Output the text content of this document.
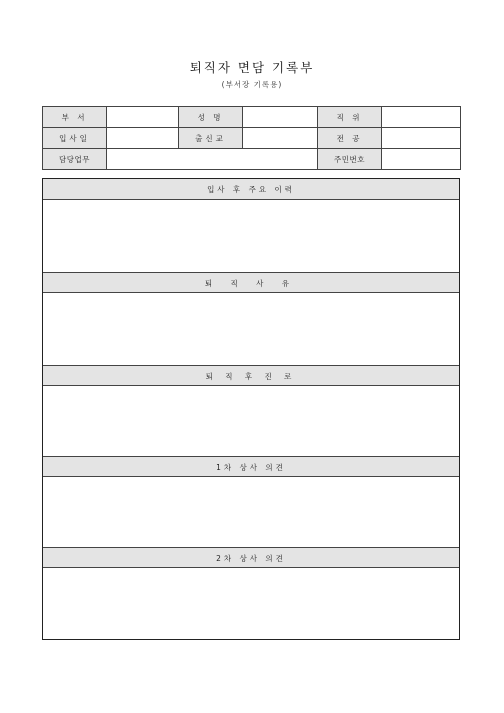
퇴직자 면담 기록부
(부서장 기록용)
부 서		성 명		직 위	
입사일		출신교		전 공	
담당업무				주민번호	
입사 후 주요 이력
퇴 직 사 유
퇴 직 후 진 로
1차 상사 의견
2차 상사 의견
